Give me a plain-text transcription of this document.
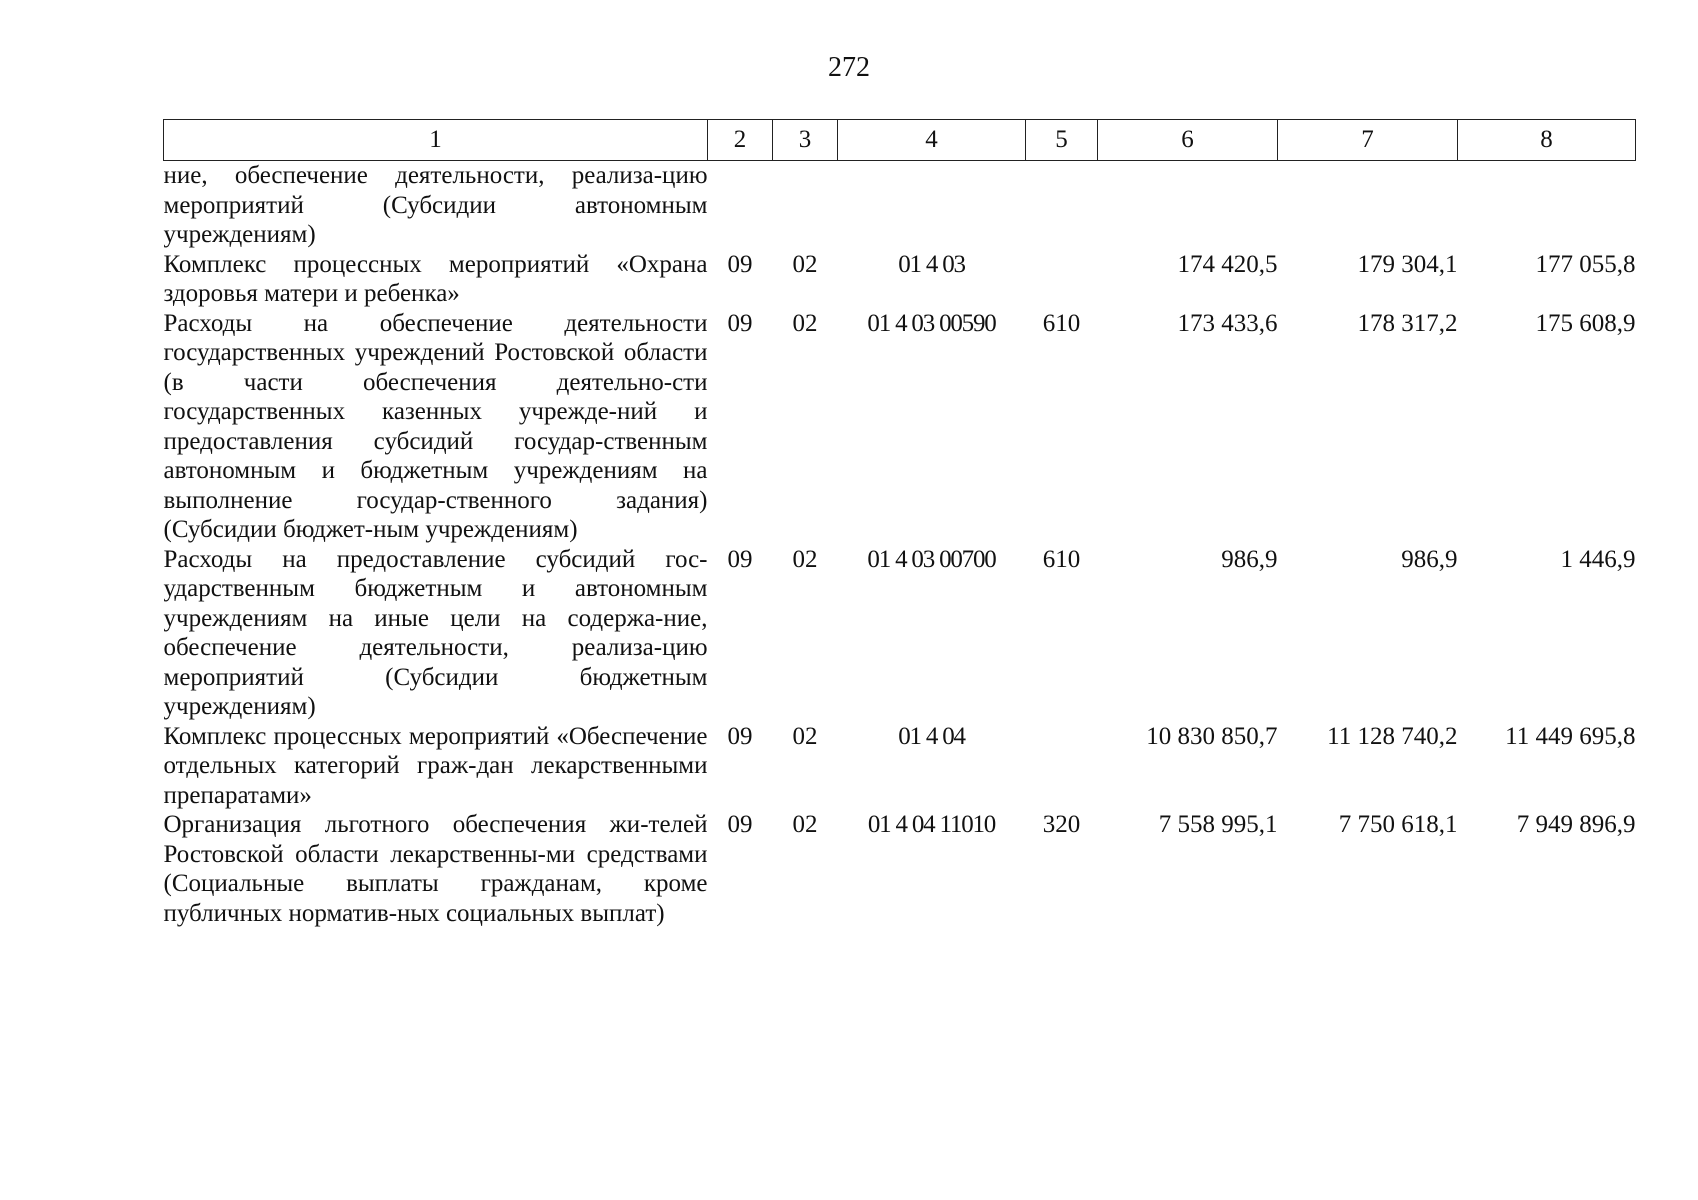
272
1	2	3	4	5	6	7	8
ние, обеспечение деятельности, реализа-цию мероприятий (Субсидии автономным учреждениям)							
Комплекс процессных мероприятий «Охрана здоровья матери и ребенка»	09	02	01 4 03		174 420,5	179 304,1	177 055,8
Расходы на обеспечение деятельности государственных учреждений Ростовской области (в части обеспечения деятельно-сти государственных казенных учрежде-ний и предоставления субсидий государ-ственным автономным и бюджетным учреждениям на выполнение государ-ственного задания) (Субсидии бюджет-ным учреждениям)	09	02	01 4 03 00590	610	173 433,6	178 317,2	175 608,9
Расходы на предоставление субсидий гос-ударственным бюджетным и автономным учреждениям на иные цели на содержа-ние, обеспечение деятельности, реализа-цию мероприятий (Субсидии бюджетным учреждениям)	09	02	01 4 03 00700	610	986,9	986,9	1 446,9
Комплекс процессных мероприятий «Обеспечение отдельных категорий граж-дан лекарственными препаратами»	09	02	01 4 04		10 830 850,7	11 128 740,2	11 449 695,8
Организация льготного обеспечения жи-телей Ростовской области лекарственны-ми средствами (Социальные выплаты гражданам, кроме публичных норматив-ных социальных выплат)	09	02	01 4 04 11010	320	7 558 995,1	7 750 618,1	7 949 896,9
